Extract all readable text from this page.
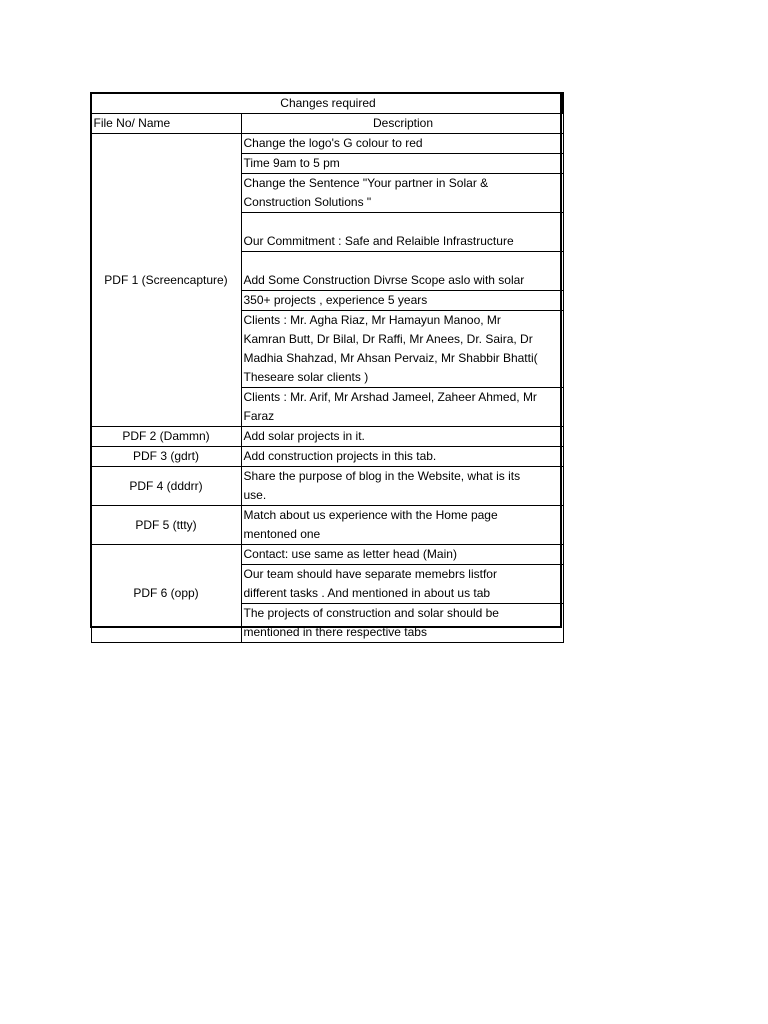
Changes required	
File No/ Name	Description
PDF 1 (Screencapture)	Change the logo's G colour to red

	Time 9am to 5 pm

	Change the Sentence "Your partner in Solar &
Construction Solutions "

	Our Commitment : Safe and Relaible Infrastructure

	Add Some Construction Divrse Scope aslo with solar

	350+ projects , experience 5 years

	Clients : Mr. Agha Riaz, Mr Hamayun Manoo, Mr
Kamran Butt, Dr Bilal, Dr Raffi, Mr Anees, Dr. Saira, Dr
Madhia Shahzad, Mr Ahsan Pervaiz, Mr Shabbir Bhatti(
Theseare solar clients )

	Clients : Mr. Arif, Mr Arshad Jameel, Zaheer Ahmed, Mr
Faraz

PDF 2 (Dammn)	Add solar projects in it.

PDF 3 (gdrt)	Add construction projects in this tab.

PDF 4 (dddrr)	Share the purpose of blog in the Website, what is its
use.

PDF 5 (ttty)	Match about us experience with the Home page
mentoned one

PDF 6 (opp)	Contact: use same as letter head (Main)

	Our team should have separate memebrs listfor
different tasks . And mentioned in about us tab

	The projects of construction and solar should be
mentioned in there respective tabs
